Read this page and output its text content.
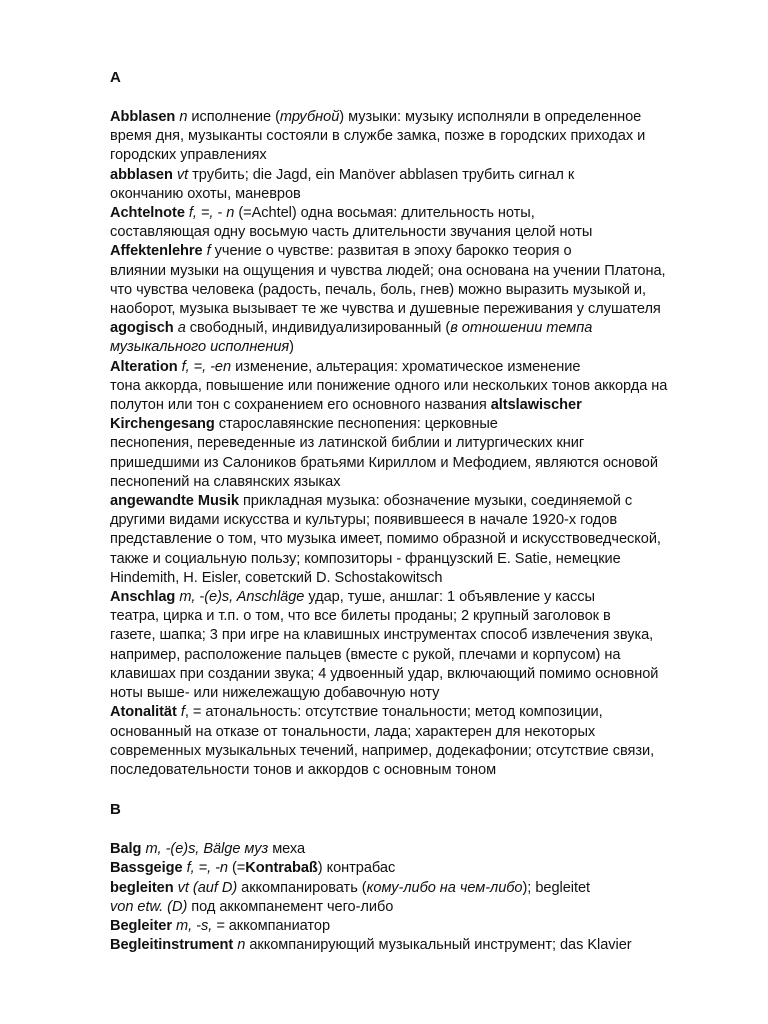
A
Abblasen n исполнение (трубной) музыки: музыку исполняли в определенное
время дня, музыканты состояли в службе замка, позже в городских приходах и
городских управлениях
abblasen vt трубить; die Jagd, ein Manöver abblasen трубить сигнал к
окончанию охоты, маневров
Achtelnote f, =, - n (=Achtel) одна восьмая: длительность ноты,
составляющая одну восьмую часть длительности звучания целой ноты
Affektenlehre f учение о чувстве: развитая в эпоху барокко теория о
влиянии музыки на ощущения и чувства людей; она основана на учении Платона,
что чувства человека (радость, печаль, боль, гнев) можно выразить музыкой и,
наоборот, музыка вызывает те же чувства и душевные переживания у слушателя
agogisch a свободный, индивидуализированный (в отношении темпа
музыкального исполнения)
Alteration f, =, -en изменение, альтерация: хроматическое изменение
тона аккорда, повышение или понижение одного или нескольких тонов аккорда на
полутон или тон с сохранением его основного названия altslawischer
Kirchengesang старославянские песнопения: церковные
песнопения, переведенные из латинской библии и литургических книг
пришедшими из Салоников братьями Кириллом и Мефодием, являются основой
песнопений на славянских языках
angewandte Musik прикладная музыка: обозначение музыки, соединяемой с
другими видами искусства и культуры; появившееся в начале 1920-х годов
представление о том, что музыка имеет, помимо образной и искусствоведческой,
также и социальную пользу; композиторы - французский E. Satie, немецкие
Hindemith, H. Eisler, советский D. Schostakowitsch
Anschlag m, -(e)s, Anschläge удар, туше, аншлаг: 1 объявление у кассы
театра, цирка и т.п. о том, что все билеты проданы; 2 крупный заголовок в
газете, шапка; 3 при игре на клавишных инструментах способ извлечения звука,
например, расположение пальцев (вместе с рукой, плечами и корпусом) на
клавишах при создании звука; 4 удвоенный удар, включающий помимо основной
ноты выше- или нижележащую добавочную ноту
Atonalität f, = атональность: отсутствие тональности; метод композиции,
основанный на отказе от тональности, лада; характерен для некоторых
современных музыкальных течений, например, додекафонии; отсутствие связи,
последовательности тонов и аккордов с основным тоном
B
Balg m, -(e)s, Bälge муз меха
Bassgeige f, =, -n (=Kontrabaß) контрабас
begleiten vt (auf D) аккомпанировать (кому-либо на чем-либо); begleitet
von etw. (D) под аккомпанемент чего-либо
Begleiter m, -s, = аккомпаниатор
Begleitinstrument n аккомпанирующий музыкальный инструмент; das Klavier
